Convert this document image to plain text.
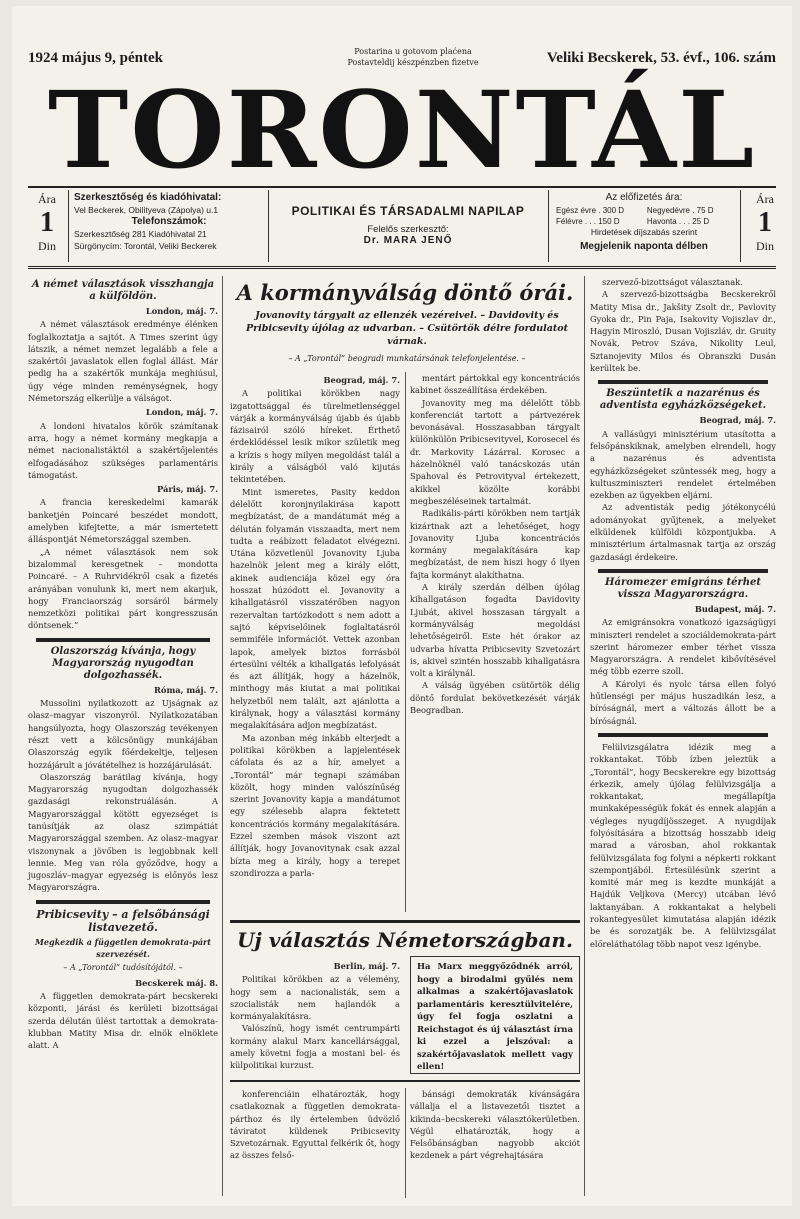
1924 május 9, péntek	Postarina u gotovom plaćena
Postavteldij készpénzben fizetve	Veliki Becskerek, 53. évf., 106. szám
TORONTÁL
Ára
1
Din
Szerkesztőség és kiadóhivatal:
Vel Beckerek, Obilityeva (Zápolya) u.1
Telefonszámok:
Szerkesztőség 281 Kiadóhivatal 21
Sürgönycím: Torontál, Veliki Beckerek
POLITIKAI ÉS TÁRSADALMI NAPILAP
Felelős szerkesztő:
Dr. MARA JENŐ
Az előfizetés ára:
Egész évre . 300 D	Negyedévre . 75 D
Félévre . . . 150 D	Havonta . . . 25 D
Hirdetések díjszabás szerint
Megjelenik naponta délben
Ára
1
Din
A német választások visszhangja a külföldön.
London, máj. 7.

A német választások eredménye élénken foglalkoztatja a sajtót. A Times szerint úgy látszik, a német nemzet legalább a fele a szakértői javaslatok ellen foglal állást. Már pedig ha a szakértők munkája meghiúsul, úgy vége minden reménységnek, hogy Németország elkerülje a válságot.

London, máj. 7.

A londoni hivatalos körök számítanak arra, hogy a német kormány megkapja a német nacionalistáktól a szakértőjelentés elfogadásához szükséges parlamentáris támogatást.

Páris, máj. 7.

A francia kereskedelmi kamarák banketjén Poincaré beszédet mondott, amelyben kifejtette, a már ismertetett álláspontját Németországgal szemben.

„A német választások nem sok bizalommal keresgetnek – mondotta Poincaré. – A Ruhrvidékről csak a fizetés arányában vonulunk ki, mert nem akarjuk, hogy Franciaország sorsáról bármely nemzetközi politikai párt kongresszusán döntsenek.”

Olaszország kívánja, hogy Magyarország nyugodtan dolgozhassék.
Róma, máj. 7.

Mussolini nyilatkozott az Ujságnak az olasz–magyar viszonyról. Nyilatkozatában hangsúlyozta, hogy Olaszország tevékenyen részt vett a kölcsönügy munkájában Olaszország egyik főérdekeltje, teljesen hozzájárult a jóvátételhez is hozzájárulását.

Olaszország barátilag kívánja, hogy Magyarország nyugodtan dolgozhassék gazdasági rekonstruálásán. A Magyarországgal kötött egyezséget is tanúsítják az olasz szimpátiát Magyarországgal szemben. Az olasz–magyar viszonynak a jövőben is legjobbnak kell lennie. Meg van róla győződve, hogy a jugoszláv–magyar egyezség is előnyös lesz Magyarországra.

Pribicsevity – a felsőbánsági listavezető.
Megkezdik a független demokrata-párt szervezését.
– A „Torontál” tudósítójától. –
Becskerek máj. 8.

A független demokrata-párt becskereki központi, járási és kerületi bizottságai szerda délután ülést tartottak a demokrata-klubban Matity Misa dr. elnök elnöklete alatt. A

A kormányválság döntő órái.
Jovanovity tárgyalt az ellenzék vezéreivel. – Davidovity és Pribicsevity újólag az udvarban. – Csütörtök délre fordulatot várnak.
– A „Torontál” beogradi munkatársának telefonjelentése. –
Beograd, máj. 7.

A politikai körökben nagy izgatottsággal és türelmetlenséggel várják a kormányválság újabb és újabb fázisairól szóló híreket. Érthető érdeklődéssel lesik mikor születik meg a krízis s hogy milyen megoldást talál a király a válságból való kijutás tekintetében.

Mint ismeretes, Pasity keddon délelőtt koronjnyilakirása kapott megbízatást, de a mandátumát még a délután folyamán visszaadta, mert nem tudta a reábízott feladatot elvégezni. Utána közvetlenül Jovanovity Ljuba hazelnök jelent meg a király előtt, akinek audienciája közel egy óra hosszat húzódott el. Jovanovity a kihallgatásról visszatérőben nagyon rezervaltan tartózkodott s nem adott a sajtó képviselőinek foglaltatásról semmiféle információt. Vettek azonban lapok, amelyek biztos forrásból értesülni vélték a kihallgatás lefolyását és azt állítják, hogy a házelnök, minthogy más kiutat a mai politikai helyzetből nem talált, azt ajánlotta a királynak, hogy a választási kormány megalakítására adjon megbízatást.

Ma azonban még inkább elterjedt a politikai körökben a lapjelentések cáfolata és az a hír, amelyet a „Torontál” már tegnapi számában közölt, hogy minden valószínűség szerint Jovanovity kapja a mandátumot egy szélesebb alapra fektetett koncentrációs kormány megalakítására. Ezzel szemben mások viszont azt állítják, hogy Jovanovitynak csak azzal bízta meg a király, hogy a terepet szondirozza a parla-

mentárt pártokkal egy koncentrációs kabinet összeállítása érdekében.

Jovanovity meg ma délelőtt több konferenciát tartott a pártvezérek bevonásával. Hosszasabban tárgyalt különkülön Pribicsevityvel, Korosecel és dr. Markovity Lázárral. Korosec a házelnöknél való tanácskozás után Spahoval és Petrovityval értekezett, akikkel közölte korábbi megbeszéléseinek tartalmát.

Radikális-párti körökben nem tartják kizártnak azt a lehetőséget, hogy Jovanovity Ljuba koncentrációs kormány megalakítására kap megbízatást, de nem hiszi hogy ő ilyen fajta kormányt alakíthatna.

A király szerdán délben újólag kihallgatáson fogadta Davidovity Ljubát, akivel hosszasan tárgyalt a kormányválság megoldási lehetőségeiről. Este hét órakor az udvarba hívatta Pribicsevity Szvetozárt is, akivel szintén hosszabb kihallgatásra volt a királynál.

A válság ügyében csütörtök délig döntő fordulat bekövetkezését várják Beogradban.

Uj választás Németországban.
Berlin, máj. 7.

Politikai körökben az a vélemény, hogy sem a nacionalisták, sem a szocialisták nem hajlandók a kormányalakításra.

Valószínű, hogy ismét centrumpárti kormány alakul Marx kancellársággal, amely követni fogja a mostani bel- és külpolitikai kurzust.

Ha Marx meggyőződnék arról, hogy a birodalmi gyűlés nem alkalmas a szakértőjavaslatok parlamentáris keresztülvitelére, úgy fel fogja oszlatni a Reichstagot és új választást írna ki ezzel a jelszóval: a szakértőjavaslatok mellett vagy ellen!

konferenciáin elhatározták, hogy csatlakoznak a független demokrata-párthoz és ily értelemben üdvözlő táviratot küldenek Pribicsevity Szvetozárnak. Egyuttal felkérik őt, hogy az összes felső-

bánsági demokraták kívánságára vállalja el a listavezetői tisztet a kikinda–becskereki választókerületben. Végül elhatározták, hogy a Felsőbánságban nagyobb akciót kezdenek a párt végrehajtására

szervező-bizottságot választanak.

A szervező-bizottságba Becskerekről Matity Misa dr., Jakšity Zsolt dr., Pavlovity Gyoka dr., Pin Paja, Isakovity Vojiszlav dr., Hagyin Miroszló, Dusan Vojiszláv, dr. Gruity Novák, Petrov Száva, Nikolity Leul, Sztanojevity Milos és Obranszki Dusán kerültek be.

Beszüntetik a nazarénus és adventista egyházközségeket.
Beograd, máj. 7.

A vallásügyi minisztérium utasította a felsőpánskiknak, amelyben elrendeli, hogy a nazarénus és adventista egyházközségeket szüntessék meg, hogy a kultuszminiszteri rendelet értelmében ezekben az ügyekben eljárni.

Az adventisták pedig jótékonycélú adományokat gyűjtenek, a melyeket elküldenek külföldi központjukba. A minisztérium ártalmasnak tartja az ország gazdasági érdekeire.

Háromezer emigráns térhet vissza Magyarországra.
Budapest, máj. 7.

Az emigránsokra vonatkozó igazságügyi miniszteri rendelet a szociáldemokrata-párt szerint háromezer ember térhet vissza Magyarországra. A rendelet kibővítésével még több ezerre szoll.

A Károlyi és nyolc társa ellen folyó hűtlenségi per május huszadikán lesz, a bíróságnál, mert a változás állott be a bíróságnál.

Felülvizsgálatra idézik meg a rokkantakat. Több ízben jeleztük a „Torontál”, hogy Becskerekre egy bizottság érkezik, amely újólag felülvizsgálja a rokkantakat, megállapítja munkaképességük fokát és ennek alapján a végleges nyugdíjösszeget. A nyugdíjak folyósítására a bizottság hosszabb ideig marad a városban, ahol rokkantak felülvizsgálata fog folyni a népkerti rokkant szempontjából. Értesülésünk szerint a komité már meg is kezdte munkáját a Hajdúk Veljkova (Mercy) utcában lévő laktanyában. A rokkantakat a helybeli rokantegyesület kimutatása alapján idézik be és sorozatják be. A felülvizsgálat előreláthatólag több napot vesz igénybe.
